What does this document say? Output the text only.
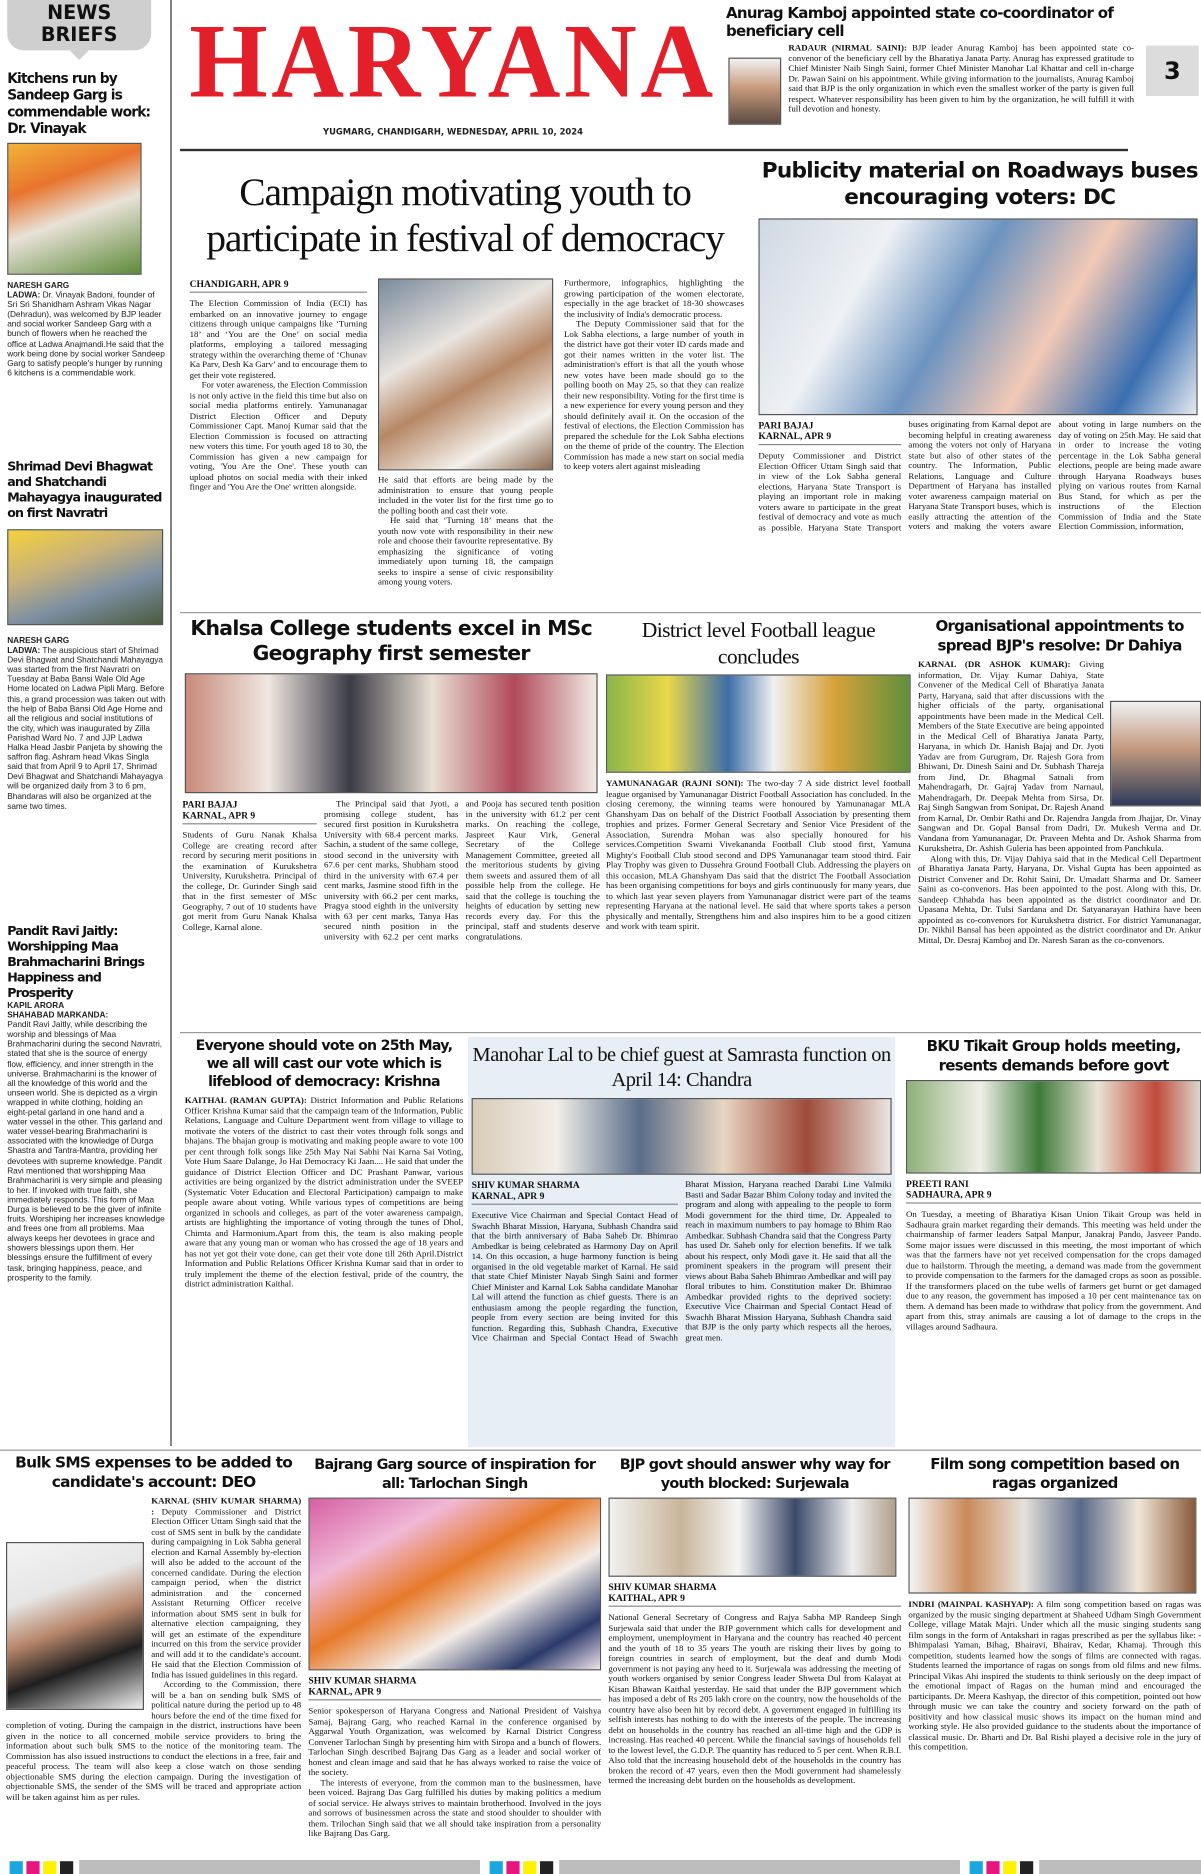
NEWS
BRIEFS
Kitchens run by Sandeep Garg is commendable work: Dr. Vinayak
NARESH GARG
LADWA: Dr. Vinayak Badoni, founder of Sri Sri Shanidham Ashram Vikas Nagar (Dehradun), was welcomed by BJP leader and social worker Sandeep Garg with a bunch of flowers when he reached the office at Ladwa Anajmandi.He said that the work being done by social worker Sandeep Garg to satisfy people's hunger by running 6 kitchens is a commendable work.
Shrimad Devi Bhagwat and Shatchandi Mahayagya inaugurated on first Navratri
NARESH GARG
LADWA: The auspicious start of Shrimad Devi Bhagwat and Shatchandi Mahayagya was started from the first Navratri on Tuesday at Baba Bansi Wale Old Age Home located on Ladwa Pipli Marg. Before this, a grand procession was taken out with the help of Baba Bansi Old Age Home and all the religious and social institutions of the city, which was inaugurated by Zilla Parishad Ward No. 7 and JJP Ladwa Halka Head Jasbir Panjeta by showing the saffron flag. Ashram head Vikas Singla said that from April 9 to April 17, Shrimad Devi Bhagwat and Shatchandi Mahayagya will be organized daily from 3 to 6 pm, Bhandaras will also be organized at the same two times.
Pandit Ravi Jaitly: Worshipping Maa Brahmacharini Brings Happiness and Prosperity
KAPIL ARORA
SHAHABAD MARKANDA:
Pandit Ravi Jaitly, while describing the worship and blessings of Maa Brahmacharini during the second Navratri, stated that she is the source of energy flow, efficiency, and inner strength in the universe. Brahmacharini is the knower of all the knowledge of this world and the unseen world. She is depicted as a virgin wrapped in white clothing, holding an eight-petal garland in one hand and a water vessel in the other. This garland and water vessel-bearing Brahmacharini is associated with the knowledge of Durga Shastra and Tantra-Mantra, providing her devotees with supreme knowledge. Pandit Ravi mentioned that worshipping Maa Brahmacharini is very simple and pleasing to her. If invoked with true faith, she immediately responds. This form of Maa Durga is believed to be the giver of infinite fruits. Worshiping her increases knowledge and frees one from all problems. Maa always keeps her devotees in grace and showers blessings upon them. Her blessings ensure the fulfillment of every task, bringing happiness, peace, and prosperity to the family.
HARYANA
YUGMARG, CHANDIGARH, WEDNESDAY, APRIL 10, 2024
3
Anurag Kamboj appointed state co-coordinator of beneficiary cell
RADAUR (NIRMAL SAINI): BJP leader Anurag Kamboj has been appointed state co-convenor of the beneficiary cell by the Bharatiya Janata Party. Anurag has expressed gratitude to Chief Minister Naib Singh Saini, former Chief Minister Manohar Lal Khattar and cell in-charge Dr. Pawan Saini on his appointment. While giving information to the journalists, Anurag Kamboj said that BJP is the only organization in which even the smallest worker of the party is given full respect. Whatever responsibility has been given to him by the organization, he will fulfill it with full devotion and honesty.
Campaign motivating youth to participate in festival of democracy
CHANDIGARH, APR 9

The Election Commission of India (ECI) has embarked on an innovative journey to engage citizens through unique campaigns like ‘Turning 18’ and ‘You are the One’ on social media platforms, employing a tailored messaging strategy within the overarching theme of ‘Chunav Ka Parv, Desh Ka Garv’ and to encourage them to get their vote registered.

For voter awareness, the Election Commission is not only active in the field this time but also on social media platforms entirely. Yamunanagar District Election Officer and Deputy Commissioner Capt. Manoj Kumar said that the Election Commission is focused on attracting new voters this time. For youth aged 18 to 30, the Commission has given a new campaign for voting, 'You Are the One'. These youth can upload photos on social media with their inked finger and 'You Are the One' written alongside.

He said that efforts are being made by the administration to ensure that young people included in the voter list for the first time go to the polling booth and cast their vote.

He said that ‘Turning 18’ means that the youth now vote with responsibility in their new role and choose their favourite representative. By emphasizing the significance of voting immediately upon turning 18, the campaign seeks to inspire a sense of civic responsibility among young voters.

Furthermore, infographics, highlighting the growing participation of the women electorate, especially in the age bracket of 18-30 showcases the inclusivity of India's democratic process.

The Deputy Commissioner said that for the Lok Sabha elections, a large number of youth in the district have got their voter ID cards made and got their names written in the voter list. The administration's effort is that all the youth whose new votes have been made should go to the polling booth on May 25, so that they can realize their new responsibility. Voting for the first time is a new experience for every young person and they should definitely avail it. On the occasion of the festival of elections, the Election Commission has prepared the schedule for the Lok Sabha elections on the theme of pride of the country. The Election Commission has made a new start on social media to keep voters alert against misleading

Publicity material on Roadways buses encouraging voters: DC
PARI BAJAJ
KARNAL, APR 9

Deputy Commissioner and District Election Officer Uttam Singh said that in view of the Lok Sabha general elections, Haryana State Transport is playing an important role in making voters aware to participate in the great festival of democracy and vote as much as possible. Haryana State Transport buses originating from Karnal depot are becoming helpful in creating awareness among the voters not only of Haryana state but also of other states of the country. The Information, Public Relations, Language and Culture Department of Haryana has installed voter awareness campaign material on Haryana State Transport buses, which is easily attracting the attention of the voters and making the voters aware about voting in large numbers on the day of voting on 25th May. He said that in order to increase the voting percentage in the Lok Sabha general elections, people are being made aware through Haryana Roadways buses plying on various routes from Karnal Bus Stand, for which as per the instructions of the Election Commission of India and the State Election Commission, information,

Khalsa College students excel in MSc Geography first semester
PARI BAJAJ
KARNAL, APR 9

Students of Guru Nanak Khalsa College are creating record after record by securing merit positions in the examination of Kurukshetra University, Kurukshetra. Principal of the college, Dr. Gurinder Singh said that in the first semester of MSc Geography, 7 out of 10 students have got merit from Guru Nanak Khalsa College, Karnal alone.

The Principal said that Jyoti, a promising college student, has secured first position in Kurukshetra University with 68.4 percent marks. Sachin, a student of the same college, stood second in the university with 67.6 per cent marks, Shubham stood third in the university with 67.4 per cent marks, Jasmine stood fifth in the university with 66.2 per cent marks, Pragya stood eighth in the university with 63 per cent marks, Tanya Has secured ninth position in the university with 62.2 per cent marks and Pooja has secured tenth position in the university with 61.2 per cent marks. On reaching the college, Jaspreet Kaur Virk, General Secretary of the College Management Committee, greeted all the meritorious students by giving them sweets and assured them of all possible help from the college. He said that the college is touching the heights of education by setting new records every day. For this the principal, staff and students deserve congratulations.

District level Football league concludes
YAMUNANAGAR (RAJNI SONI): The two-day 7 A side district level football league organised by Yamunanagar District Football Association has concluded. In the closing ceremony, the winning teams were honoured by Yamunanagar MLA Ghanshyam Das on behalf of the District Football Association by presenting them trophies and prizes. Former General Secretary and Senior Vice President of the Association, Surendra Mohan was also specially honoured for his services.Competition Swami Vivekananda Football Club stood first, Yamuna Mighty's Football Club stood second and DPS Yamunanagar team stood third. Fair Play Trophy was given to Dussehra Ground Football Club. Addressing the players on this occasion, MLA Ghanshyam Das said that the district The Football Association has been organising competitions for boys and girls continuously for many years, due to which last year seven players from Yamunanagar district were part of the teams representing Haryana at the national level. He said that where sports takes a person physically and mentally, Strengthens him and also inspires him to be a good citizen and work with team spirit.
Organisational appointments to spread BJP's resolve: Dr Dahiya

KARNAL (DR ASHOK KUMAR): Giving information, Dr. Vijay Kumar Dahiya, State Convener of the Medical Cell of Bharatiya Janata Party, Haryana, said that after discussions with the higher officials of the party, organisational appointments have been made in the Medical Cell. Members of the State Executive are being appointed in the Medical Cell of Bharatiya Janata Party, Haryana, in which Dr. Hanish Bajaj and Dr. Jyoti Yadav are from Gurugram, Dr. Rajesh Gora from Bhiwani, Dr. Dinesh Saini and Dr. Subhash Thareja from Jind, Dr. Bhagmal Satnali from Mahendragarh, Dr. Gajraj Yadav from Narnaul, Mahendragarh, Dr. Deepak Mehta from Sirsa, Dr. Raj Singh Sangwan from Sonipat, Dr. Rajesh Anand from Karnal, Dr. Ombir Rathi and Dr. Rajendra Jangda from Jhajjar, Dr. Vinay Sangwan and Dr. Gopal Bansal from Dadri, Dr. Mukesh Verma and Dr. Vandana from Yamunanagar, Dr. Praveen Mehta and Dr. Ashok Sharma from Kurukshetra, Dr. Ashish Guleria has been appointed from Panchkula.

Along with this, Dr. Vijay Dahiya said that in the Medical Cell Department of Bharatiya Janata Party, Haryana, Dr. Vishal Gupta has been appointed as District Convener and Dr. Rohit Saini, Dr. Umadatt Sharma and Dr. Sameer Saini as co-convenors. Has been appointed to the post. Along with this, Dr. Sandeep Chhabda has been appointed as the district coordinator and Dr. Upasana Mehta, Dr. Tulsi Sardana and Dr. Satyanarayan Hathira have been appointed as co-convenors for Kurukshetra district. For district Yamunanagar, Dr. Nikhil Bansal has been appointed as the district coordinator and Dr. Ankur Mittal, Dr. Desraj Kamboj and Dr. Naresh Saran as the co-convenors.

Everyone should vote on 25th May, we all will cast our vote which is lifeblood of democracy: Krishna
KAITHAL (RAMAN GUPTA): District Information and Public Relations Officer Krishna Kumar said that the campaign team of the Information, Public Relations, Language and Culture Department went from village to village to motivate the voters of the district to cast their votes through folk songs and bhajans. The bhajan group is motivating and making people aware to vote 100 per cent through folk songs like 25th May Nai Sabhi Nai Karna Sai Voting, Vote Hum Saare Dalange, Jo Hai Democracy Ki Jaan.... He said that under the guidance of District Election Officer and DC Prashant Panwar, various activities are being organized by the district administration under the SVEEP (Systematic Voter Education and Electoral Participation) campaign to make people aware about voting. While various types of competitions are being organized in schools and colleges, as part of the voter awareness campaign, artists are highlighting the importance of voting through the tunes of Dhol, Chimta and Harmonium.Apart from this, the team is also making people aware that any young man or woman who has crossed the age of 18 years and has not yet got their vote done, can get their vote done till 26th April.District Information and Public Relations Officer Krishna Kumar said that in order to truly implement the theme of the election festival, pride of the country, the district administration Kaithal.
Manohar Lal to be chief guest at Samrasta function on April 14: Chandra
SHIV KUMAR SHARMA
KARNAL, APR 9

Executive Vice Chairman and Special Contact Head of Swachh Bharat Mission, Haryana, Subhash Chandra said that the birth anniversary of Baba Saheb Dr. Bhimrao Ambedkar is being celebrated as Harmony Day on April 14. On this occasion, a huge harmony function is being organised in the old vegetable market of Karnal. He said that state Chief Minister Nayab Singh Saini and former Chief Minister and Karnal Lok Sabha candidate Manohar Lal will attend the function as chief guests. There is an enthusiasm among the people regarding the function, people from every section are being invited for this function. Regarding this, Subhash Chandra, Executive Vice Chairman and Special Contact Head of Swachh Bharat Mission, Haryana reached Darabi Line Valmiki Basti and Sadar Bazar Bhim Colony today and invited the program and along with appealing to the people to form Modi government for the third time, Dr. Appealed to reach in maximum numbers to pay homage to Bhim Rao Ambedkar. Subhash Chandra said that the Congress Party has used Dr. Saheb only for election benefits. If we talk about his respect, only Modi gave it. He said that all the prominent speakers in the program will present their views about Baba Saheb Bhimrao Ambedkar and will pay floral tributes to him. Constitution maker Dr. Bhimrao Ambedkar provided rights to the deprived society: Executive Vice Chairman and Special Contact Head of Swachh Bharat Mission Haryana, Subhash Chandra said that BJP is the only party which respects all the heroes, great men.

BKU Tikait Group holds meeting, resents demands before govt
PREETI RANI
SADHAURA, APR 9

On Tuesday, a meeting of Bharatiya Kisan Union Tikait Group was held in Sadhaura grain market regarding their demands. This meeting was held under the chairmanship of farmer leaders Satpal Manpur, Janakraj Pando, Jasveer Pando. Some major issues were discussed in this meeting, the most important of which was that the farmers have not yet received compensation for the crops damaged due to hailstorm. Through the meeting, a demand was made from the government to provide compensation to the farmers for the damaged crops as soon as possible. If the transformers placed on the tube wells of farmers get burnt or get damaged due to any reason, the government has imposed a 10 per cent maintenance tax on them. A demand has been made to withdraw that policy from the government. And apart from this, stray animals are causing a lot of damage to the crops in the villages around Sadhaura.

Bulk SMS expenses to be added to candidate's account: DEO

KARNAL (SHIV KUMAR SHARMA) : Deputy Commissioner and District Election Officer Uttam Singh said that the cost of SMS sent in bulk by the candidate during campaigning in Lok Sabha general election and Karnal Assembly by-election will also be added to the account of the concerned candidate. During the election campaign period, when the district administration and the concerned Assistant Returning Officer receive information about SMS sent in bulk for alternative election campaigning, they will get an estimate of the expenditure incurred on this from the service provider and will add it to the candidate's account. He said that the Election Commission of India has issued guidelines in this regard.

According to the Commission, there will be a ban on sending bulk SMS of political nature during the period up to 48 hours before the end of the time fixed for completion of voting. During the campaign in the district, instructions have been given in the notice to all concerned mobile service providers to bring the information about such bulk SMS to the notice of the monitoring team. The Commission has also issued instructions to conduct the elections in a free, fair and peaceful process. The team will also keep a close watch on those sending objectionable SMS during the election campaign. During the investigation of objectionable SMS, the sender of the SMS will be traced and appropriate action will be taken against him as per rules.

Bajrang Garg source of inspiration for all: Tarlochan Singh
SHIV KUMAR SHARMA
KARNAL, APR 9

Senior spokesperson of Haryana Congress and National President of Vaishya Samaj, Bajrang Garg, who reached Karnal in the conference organised by Aggarwal Youth Organization, was welcomed by Karnal District Congress Convener Tarlochan Singh by presenting him with Siropa and a bunch of flowers. Tarlochan Singh described Bajrang Das Garg as a leader and social worker of honest and clean image and said that he has always worked to raise the voice of the society.

The interests of everyone, from the common man to the businessmen, have been voiced. Bajrang Das Garg fulfilled his duties by making politics a medium of social service. He always strives to maintain brotherhood. Involved in the joys and sorrows of businessmen across the state and stood shoulder to shoulder with them. Trilochan Singh said that we all should take inspiration from a personality like Bajrang Das Garg.

BJP govt should answer why way for youth blocked: Surjewala
SHIV KUMAR SHARMA
KAITHAL, APR 9

National General Secretary of Congress and Rajya Sabha MP Randeep Singh Surjewala said that under the BJP government which calls for development and employment, unemployment in Haryana and the country has reached 40 percent and the youth of 18 to 35 years The youth are risking their lives by going to foreign countries in search of employment, but the deaf and dumb Modi government is not paying any heed to it. Surjewala was addressing the meeting of youth workers organised by senior Congress leader Shweta Dul from Kalayat at Kisan Bhawan Kaithal yesterday. He said that under the BJP government which has imposed a debt of Rs 205 lakh crore on the country, now the households of the country have also been hit by record debt. A government engaged in fulfilling its selfish interests has nothing to do with the interests of the people. The increasing debt on households in the country has reached an all-time high and the GDP is increasing. Has reached 40 percent. While the financial savings of households fell to the lowest level, the G.D.P. The quantity has reduced to 5 per cent. When R.B.I. Also told that the increasing household debt of the households in the country has broken the record of 47 years, even then the Modi government had shamelessly termed the increasing debt burden on the households as development.

Film song competition based on ragas organized
INDRI (MAINPAL KASHYAP): A film song competition based on ragas was organized by the music singing department at Shaheed Udham Singh Government College, village Matak Majri. Under which all the music singing students sang film songs in the form of Antakshari in ragas prescribed as per the syllabus like: - Bhimpalasi Yaman, Bihag, Bhairavi, Bhairav, Kedar, Khamaj. Through this competition, students learned how the songs of films are connected with ragas. Students learned the importance of ragas on songs from old films and new films. Principal Vikas Ahi inspired the students to think seriously on the deep impact of the emotional impact of Ragas on the human mind and encouraged the participants. Dr. Meera Kashyap, the director of this competition, pointed out how through music we can take the country and society forward on the path of positivity and how classical music shows its impact on the human mind and working style. He also provided guidance to the students about the importance of classical music. Dr. Bharti and Dr. Bal Rishi played a decisive role in the jury of this competition.
